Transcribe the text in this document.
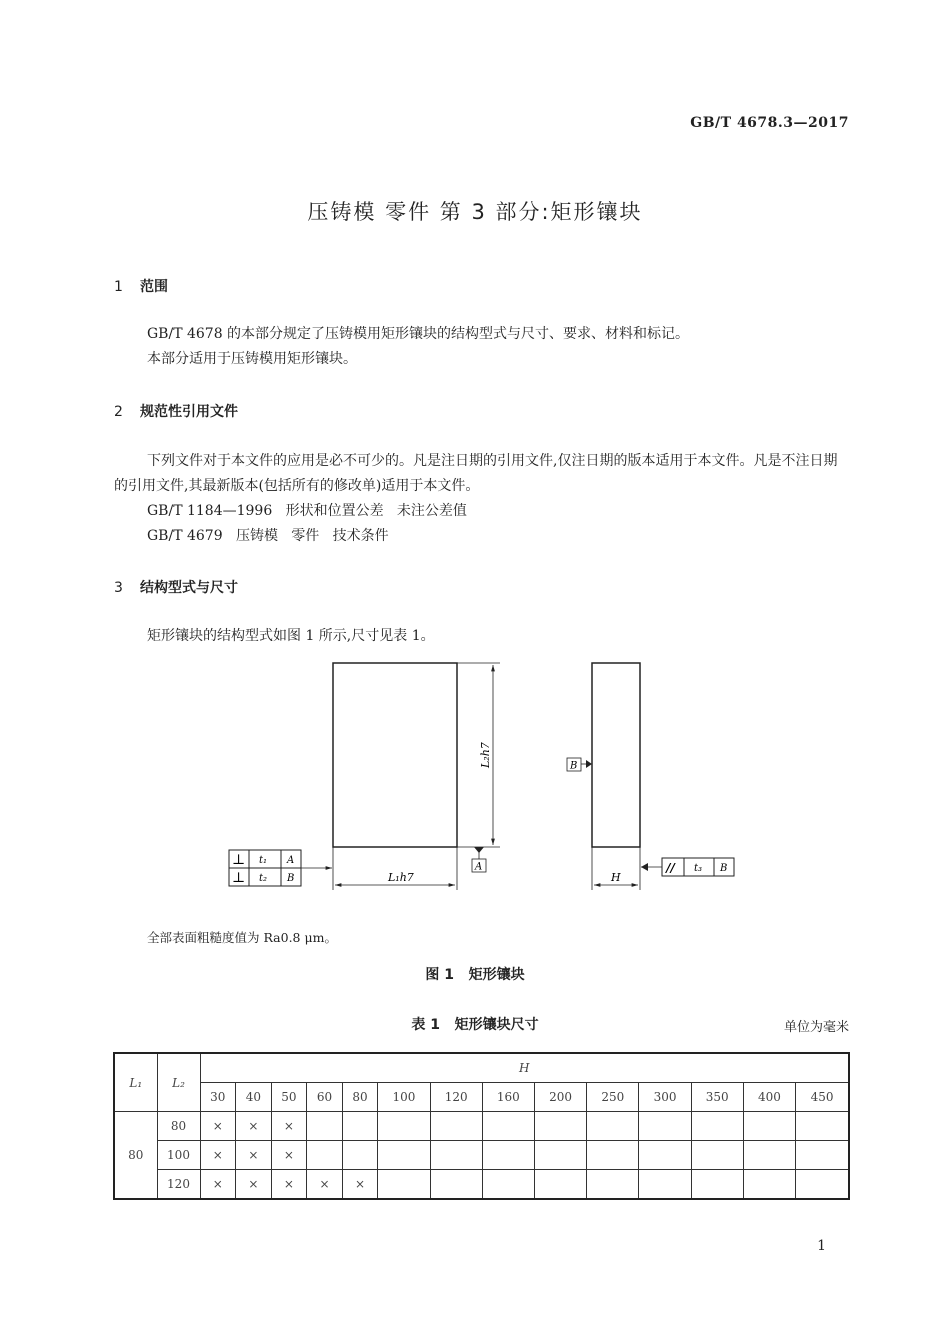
GB/T 4678.3—2017
压铸模 零件 第 3 部分:矩形镶块
1 范围
GB/T 4678 的本部分规定了压铸模用矩形镶块的结构型式与尺寸、要求、材料和标记。
本部分适用于压铸模用矩形镶块。
2 规范性引用文件
下列文件对于本文件的应用是必不可少的。凡是注日期的引用文件,仅注日期的版本适用于本文件。凡是不注日期的引用文件,其最新版本(包括所有的修改单)适用于本文件。
GB/T 1184—1996   形状和位置公差   未注公差值
GB/T 4679   压铸模   零件   技术条件
3 结构型式与尺寸
矩形镶块的结构型式如图 1 所示,尺寸见表 1。
L₂h7
L₁h7
A
⊥ t₁ A
⊥ t₂ B
B
H
// t₃ B
全部表面粗糙度值为 Ra0.8 μm。
图 1   矩形镶块
表 1   矩形镶块尺寸	单位为毫米
L₁	L₂	H													
		30	40	50	60	80	100	120	160	200	250	300	350	400	450
80	80	×	×	×											
	100	×	×	×											
	120	×	×	×	×	×									
1
